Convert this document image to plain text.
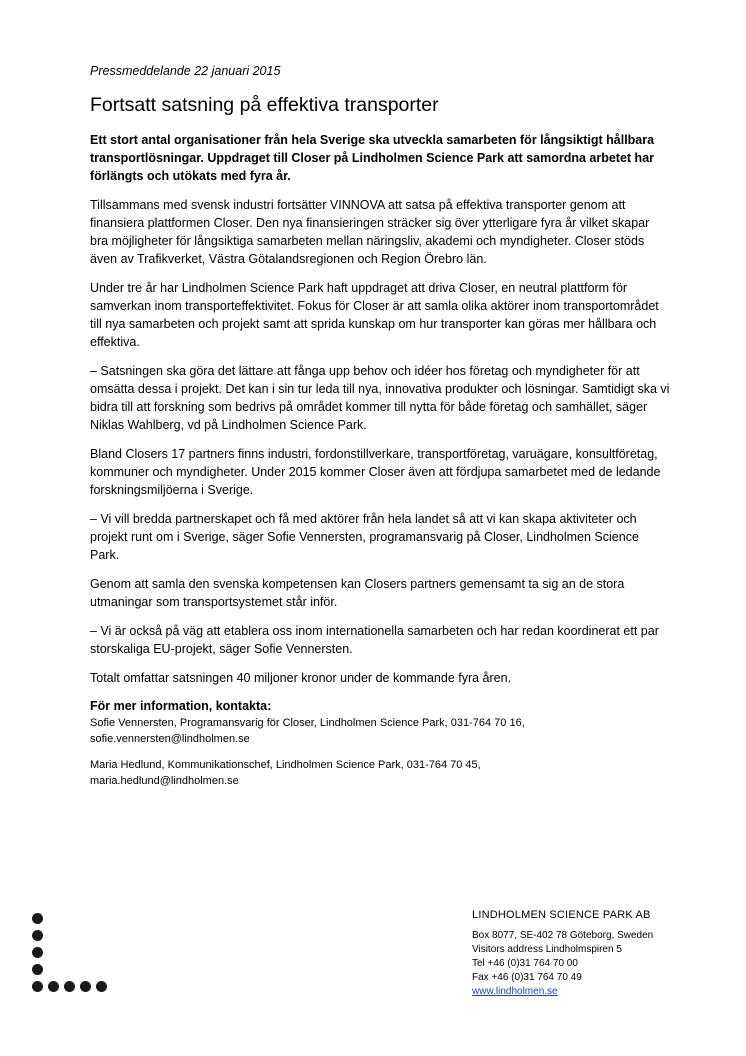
Pressmeddelande 22 januari 2015

Fortsatt satsning på effektiva transporter

Ett stort antal organisationer från hela Sverige ska utveckla samarbeten för långsiktigt hållbara transportlösningar. Uppdraget till Closer på Lindholmen Science Park att samordna arbetet har förlängts och utökats med fyra år.

Tillsammans med svensk industri fortsätter VINNOVA att satsa på effektiva transporter genom att finansiera plattformen Closer. Den nya finansieringen sträcker sig över ytterligare fyra år vilket skapar bra möjligheter för långsiktiga samarbeten mellan näringsliv, akademi och myndigheter. Closer stöds även av Trafikverket, Västra Götalandsregionen och Region Örebro län.

Under tre år har Lindholmen Science Park haft uppdraget att driva Closer, en neutral plattform för samverkan inom transporteffektivitet. Fokus för Closer är att samla olika aktörer inom transportområdet till nya samarbeten och projekt samt att sprida kunskap om hur transporter kan göras mer hållbara och effektiva.

– Satsningen ska göra det lättare att fånga upp behov och idéer hos företag och myndigheter för att omsätta dessa i projekt. Det kan i sin tur leda till nya, innovativa produkter och lösningar. Samtidigt ska vi bidra till att forskning som bedrivs på området kommer till nytta för både företag och samhället, säger Niklas Wahlberg, vd på Lindholmen Science Park.

Bland Closers 17 partners finns industri, fordonstillverkare, transportföretag, varuägare, konsultföretag, kommuner och myndigheter. Under 2015 kommer Closer även att fördjupa samarbetet med de ledande forskningsmiljöerna i Sverige.

– Vi vill bredda partnerskapet och få med aktörer från hela landet så att vi kan skapa aktiviteter och projekt runt om i Sverige, säger Sofie Vennersten, programansvarig på Closer, Lindholmen Science Park.

Genom att samla den svenska kompetensen kan Closers partners gemensamt ta sig an de stora utmaningar som transportsystemet står inför.

– Vi är också på väg att etablera oss inom internationella samarbeten och har redan koordinerat ett par storskaliga EU-projekt, säger Sofie Vennersten.

Totalt omfattar satsningen 40 miljoner kronor under de kommande fyra åren.

För mer information, kontakta:

Sofie Vennersten, Programansvarig för Closer, Lindholmen Science Park, 031-764 70 16,
sofie.vennersten@lindholmen.se

Maria Hedlund, Kommunikationschef, Lindholmen Science Park, 031-764 70 45,
maria.hedlund@lindholmen.se

LINDHOLMEN SCIENCE PARK AB
Box 8077, SE-402 78 Göteborg, Sweden
Visitors address Lindholmspiren 5
Tel +46 (0)31 764 70 00
Fax +46 (0)31 764 70 49
www.lindholmen.se
